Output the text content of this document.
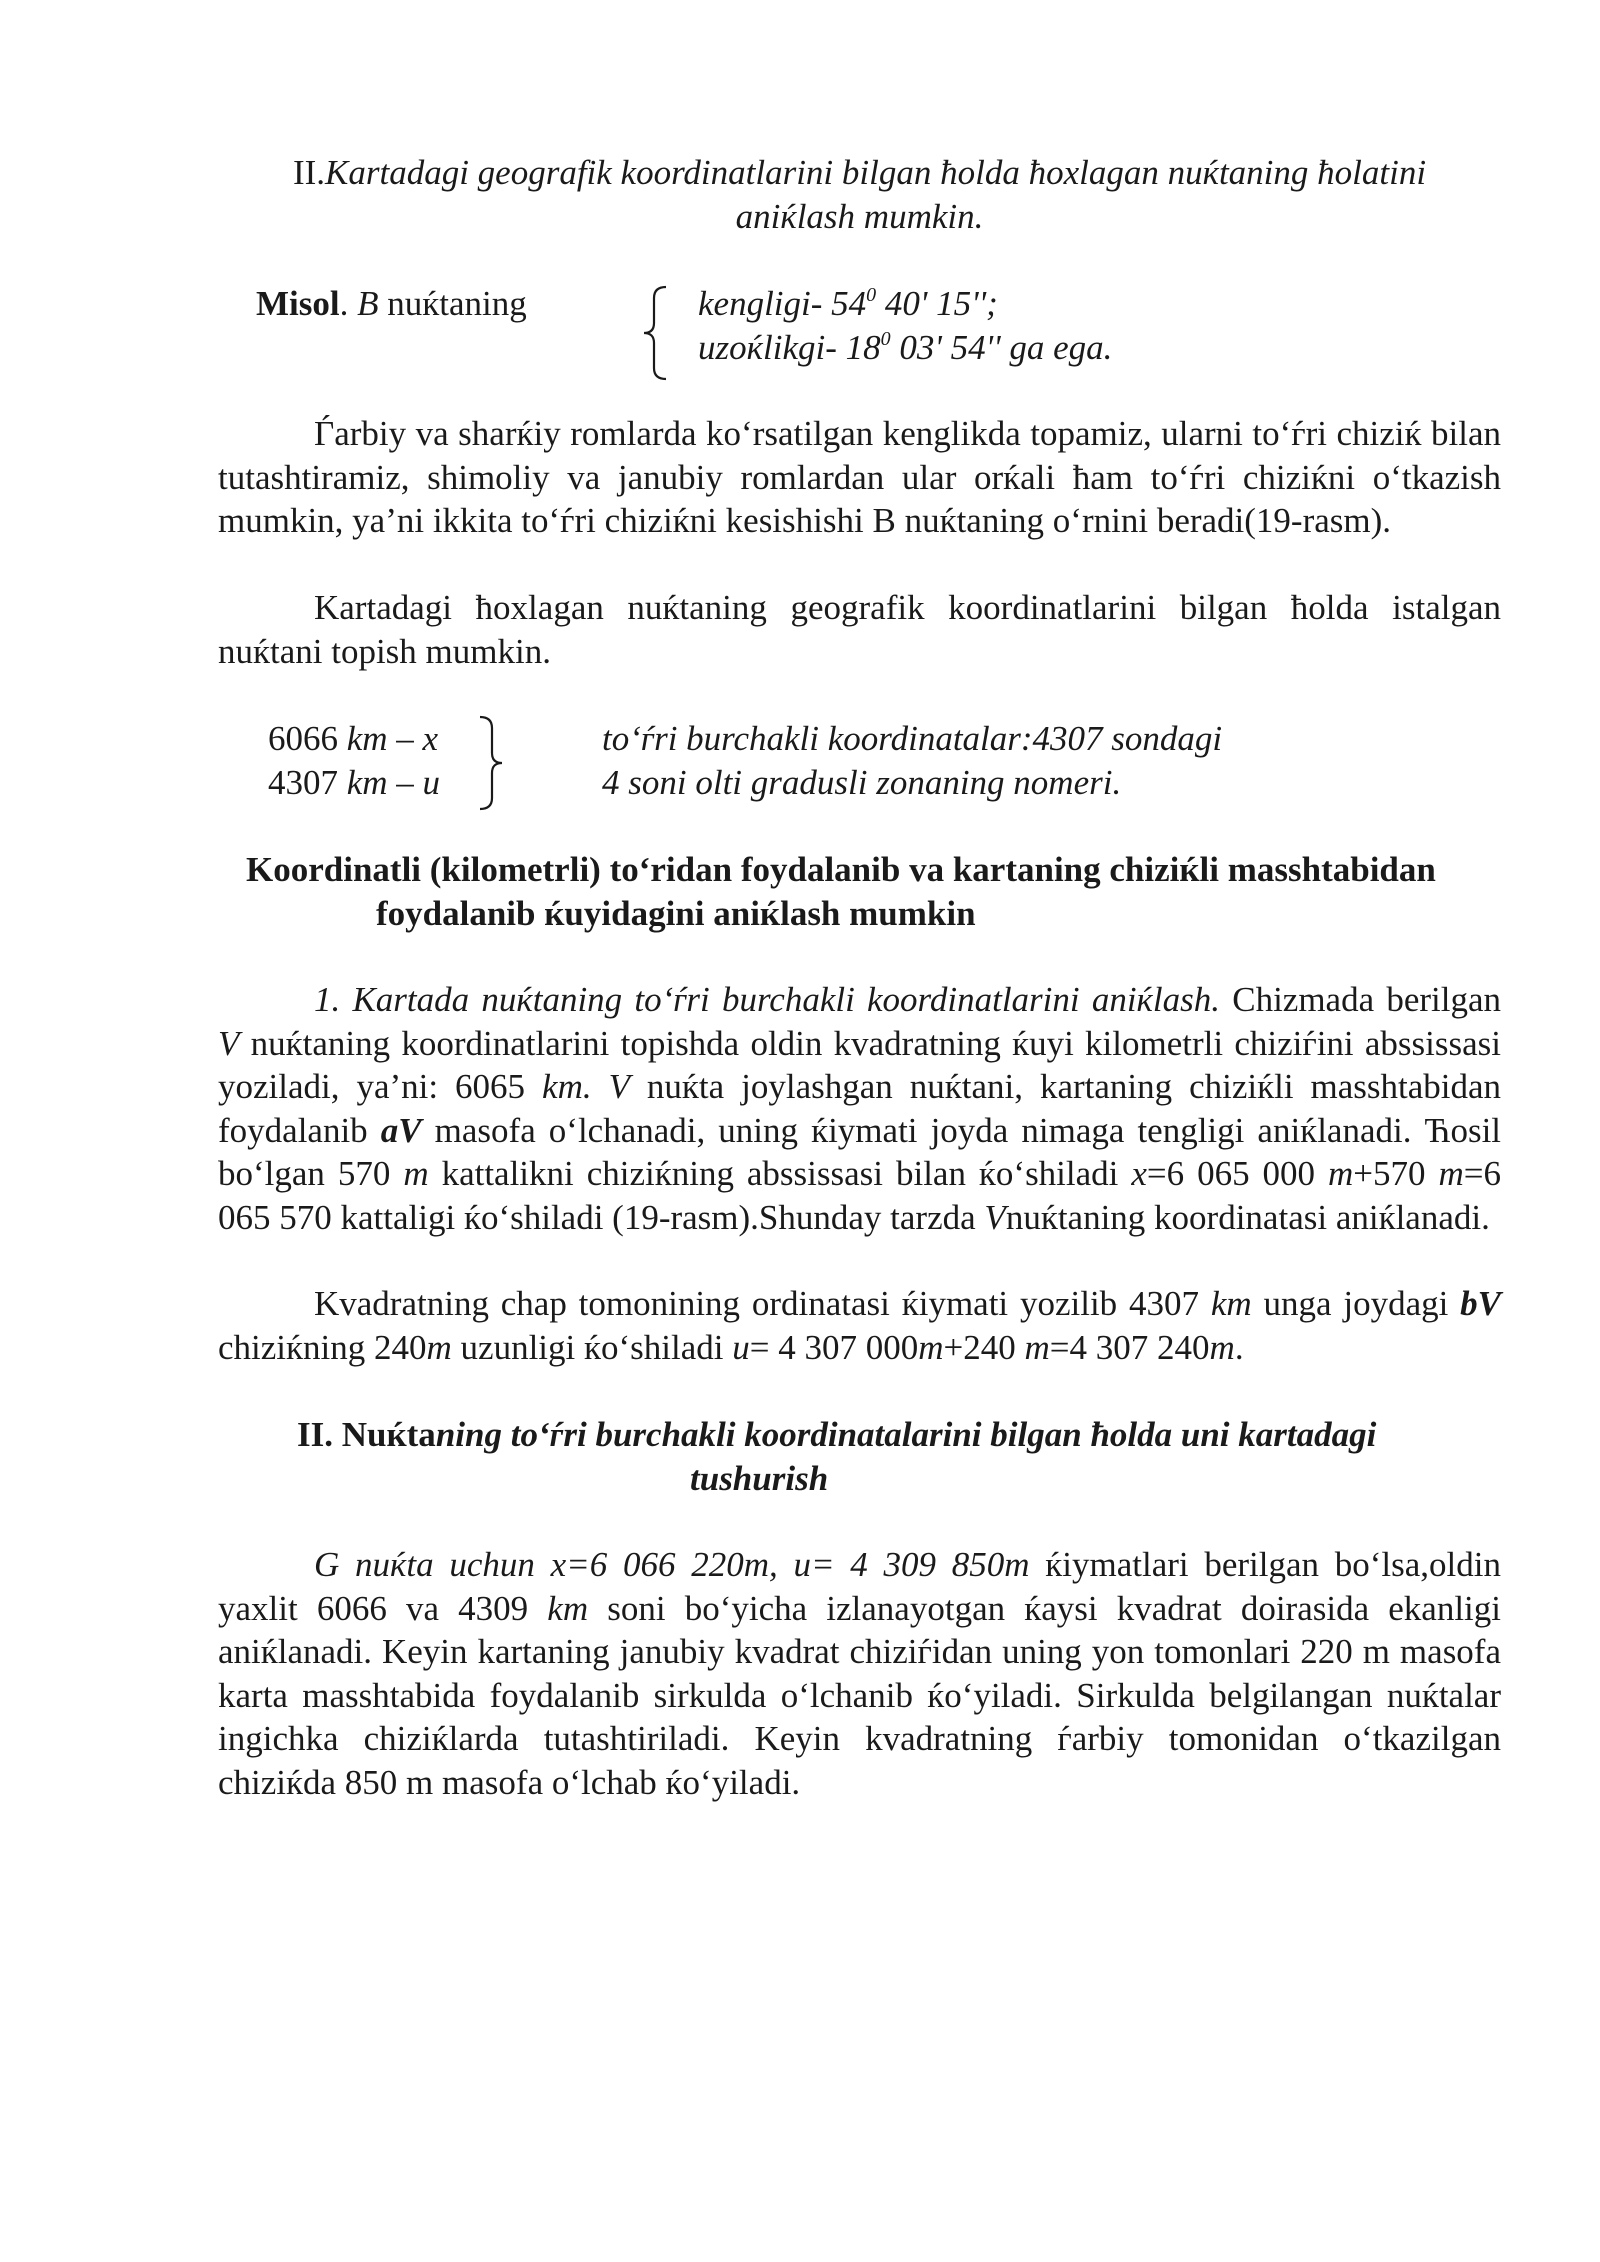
II.Kartadagi geografik koordinatlarini bilgan ħolda ħoxlagan nuќtaning ħolatini
aniќlash mumkin.
Misol. B nuќtaning	kengligi- $54^0$ 40' 15'';
uzoќlikgi- $18^0$ 03' 54'' ga ega.
Ѓarbiy va sharќiy romlarda ko‘rsatilgan kenglikda topamiz, ularni to‘ѓri chiziќ bilan tutashtiramiz, shimoliy va janubiy romlardan ular orќali ħam to‘ѓri chiziќni o‘tkazish mumkin, ya’ni ikkita to‘ѓri chiziќni kesishishi B nuќtaning o‘rnini beradi(19-rasm).
Kartadagi ħoxlagan nuќtaning geografik koordinatlarini bilgan ħolda istalgan nuќtani topish mumkin.
6066 km – x
4307 km – u
to‘ѓri burchakli koordinatalar:4307 sondagi
4 soni olti gradusli zonaning nomeri.
Koordinatli (kilometrli) to‘ridan foydalanib va kartaning chiziќli masshtabidan
foydalanib ќuyidagini aniќlash mumkin
1. Kartada nuќtaning to‘ѓri burchakli koordinatlarini aniќlash. Chizmada berilgan V nuќtaning koordinatlarini topishda oldin kvadratning ќuyi kilometrli chiziѓini abssissasi yoziladi, ya’ni: 6065 km. V nuќta joylashgan nuќtani, kartaning chiziќli masshtabidan foydalanib aV masofa o‘lchanadi, uning ќiymati joyda nimaga tengligi aniќlanadi. Ћosil bo‘lgan 570 m kattalikni chiziќning abssissasi bilan ќo‘shiladi x=6 065 000 m+570 m=6 065 570 kattaligi ќo‘shiladi (19-rasm).Shunday tarzda Vnuќtaning koordinatasi aniќlanadi.
Kvadratning chap tomonining ordinatasi ќiymati yozilib 4307 km unga joydagi bV chiziќning 240m uzunligi ќo‘shiladi u= 4 307 000m+240 m=4 307 240m.
II. Nuќtaning to‘ѓri burchakli koordinatalarini bilgan ħolda uni kartadagi
tushurish
G nuќta uchun x=6 066 220m, u= 4 309 850m ќiymatlari berilgan bo‘lsa,oldin yaxlit 6066 va 4309 km soni bo‘yicha izlanayotgan ќaysi kvadrat doirasida ekanligi aniќlanadi. Keyin kartaning janubiy kvadrat chiziѓidan uning yon tomonlari 220 m masofa karta masshtabida foydalanib sirkulda o‘lchanib ќo‘yiladi. Sirkulda belgilangan nuќtalar ingichka chiziќlarda tutashtiriladi. Keyin kvadratning ѓarbiy tomonidan o‘tkazilgan chiziќda 850 m masofa o‘lchab ќo‘yiladi.
